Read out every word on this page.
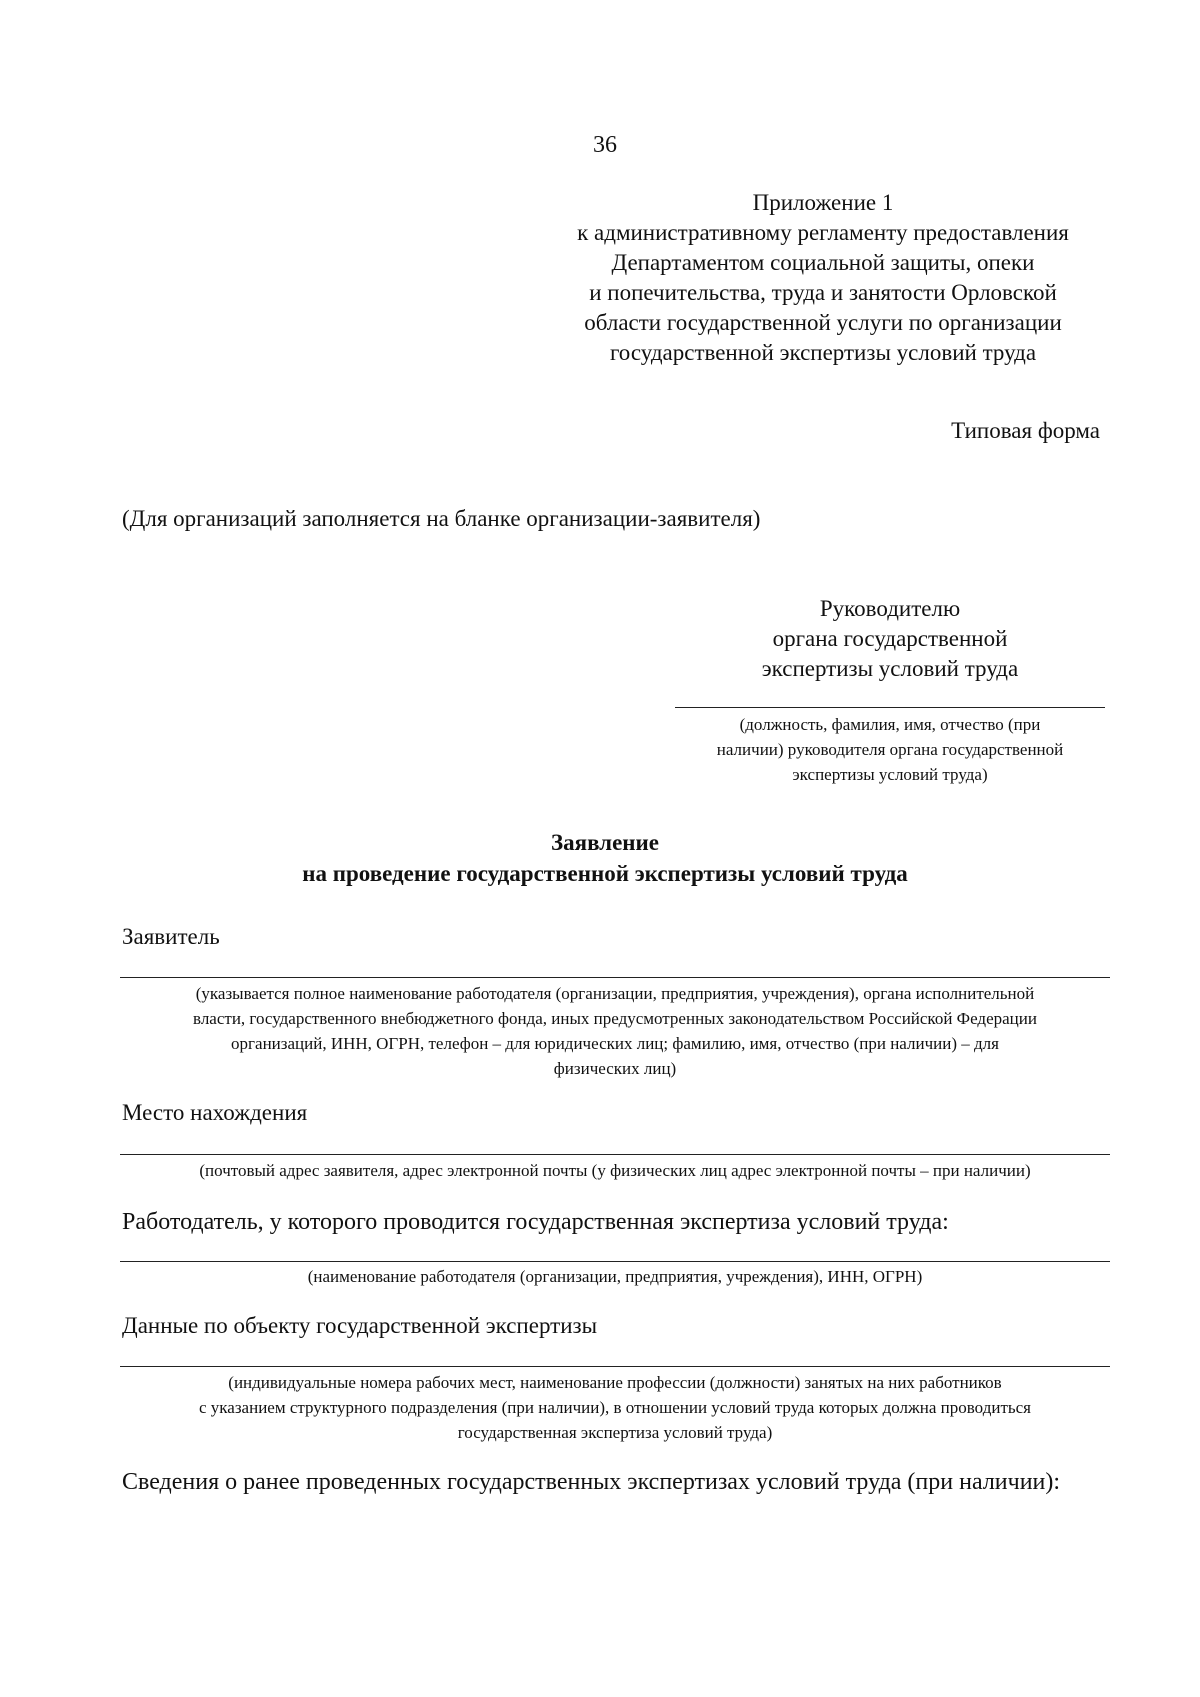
36
Приложение 1
к административному регламенту предоставления
Департаментом социальной защиты, опеки
и попечительства, труда и занятости Орловской
области государственной услуги по организации
государственной экспертизы условий труда
Типовая форма
(Для организаций заполняется на бланке организации-заявителя)
Руководителю
органа государственной
экспертизы условий труда
(должность, фамилия, имя, отчество (при
наличии) руководителя органа государственной
экспертизы условий труда)
Заявление
на проведение государственной экспертизы условий труда
Заявитель
(указывается полное наименование работодателя (организации, предприятия, учреждения), органа исполнительной
власти, государственного внебюджетного фонда, иных предусмотренных законодательством Российской Федерации
организаций, ИНН, ОГРН, телефон – для юридических лиц; фамилию, имя, отчество (при наличии) – для
физических лиц)
Место нахождения
(почтовый адрес заявителя, адрес электронной почты (у физических лиц адрес электронной почты – при наличии)
Работодатель, у которого проводится государственная экспертиза условий труда:
(наименование работодателя (организации, предприятия, учреждения), ИНН, ОГРН)
Данные по объекту государственной экспертизы
(индивидуальные номера рабочих мест, наименование профессии (должности) занятых на них работников
с указанием структурного подразделения (при наличии), в отношении условий труда которых должна проводиться
государственная экспертиза условий труда)
Сведения о ранее проведенных государственных экспертизах условий труда (при наличии):
